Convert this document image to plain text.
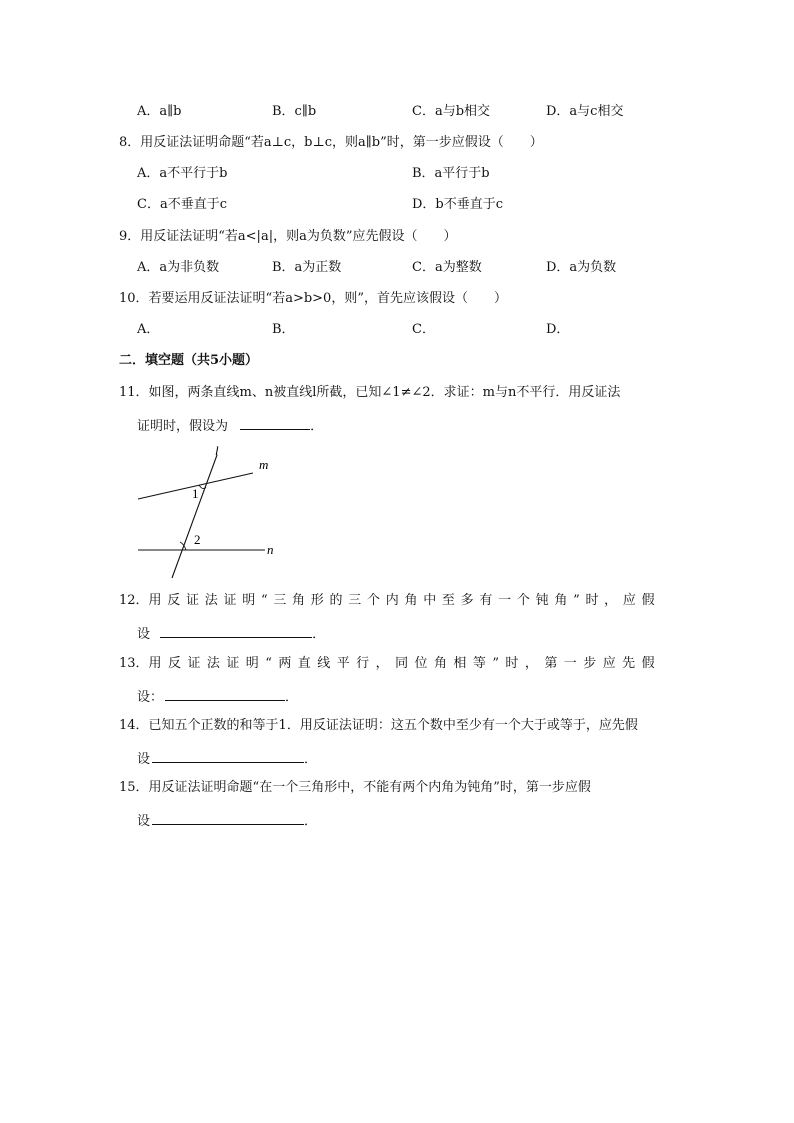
A．a∥b	B．c∥b	C．a与b相交	D．a与c相交
8．用反证法证明命题“若a⊥c，b⊥c，则a∥b”时，第一步应假设（　　）
A．a不平行于b	B．a平行于b
C．a不垂直于c	D．b不垂直于c
9．用反证法证明“若a<|a|，则a为负数”应先假设（　　）
A．a为非负数	B．a为正数	C．a为整数	D．a为负数
10．若要运用反证法证明“若a>b>0，则”，首先应该假设（　　）
A．	B．	C．	D．
二．填空题（共5小题）
11．如图，两条直线m、n被直线l所截，已知∠1≠∠2．求证：m与n不平行．用反证法
证明时，假设为	．
l
m
n
1
2
12．用 反 证 法 证 明 “ 三 角 形 的 三 个 内 角 中 至 多 有 一 个 钝 角 ” 时 ， 应 假
设	．
13．用 反 证 法 证 明 “ 两 直 线 平 行 ， 同 位 角 相 等 ” 时 ， 第 一 步 应 先 假
设：	．
14．已知五个正数的和等于1．用反证法证明：这五个数中至少有一个大于或等于，应先假
设	．
15．用反证法证明命题“在一个三角形中，不能有两个内角为钝角”时，第一步应假
设	．
